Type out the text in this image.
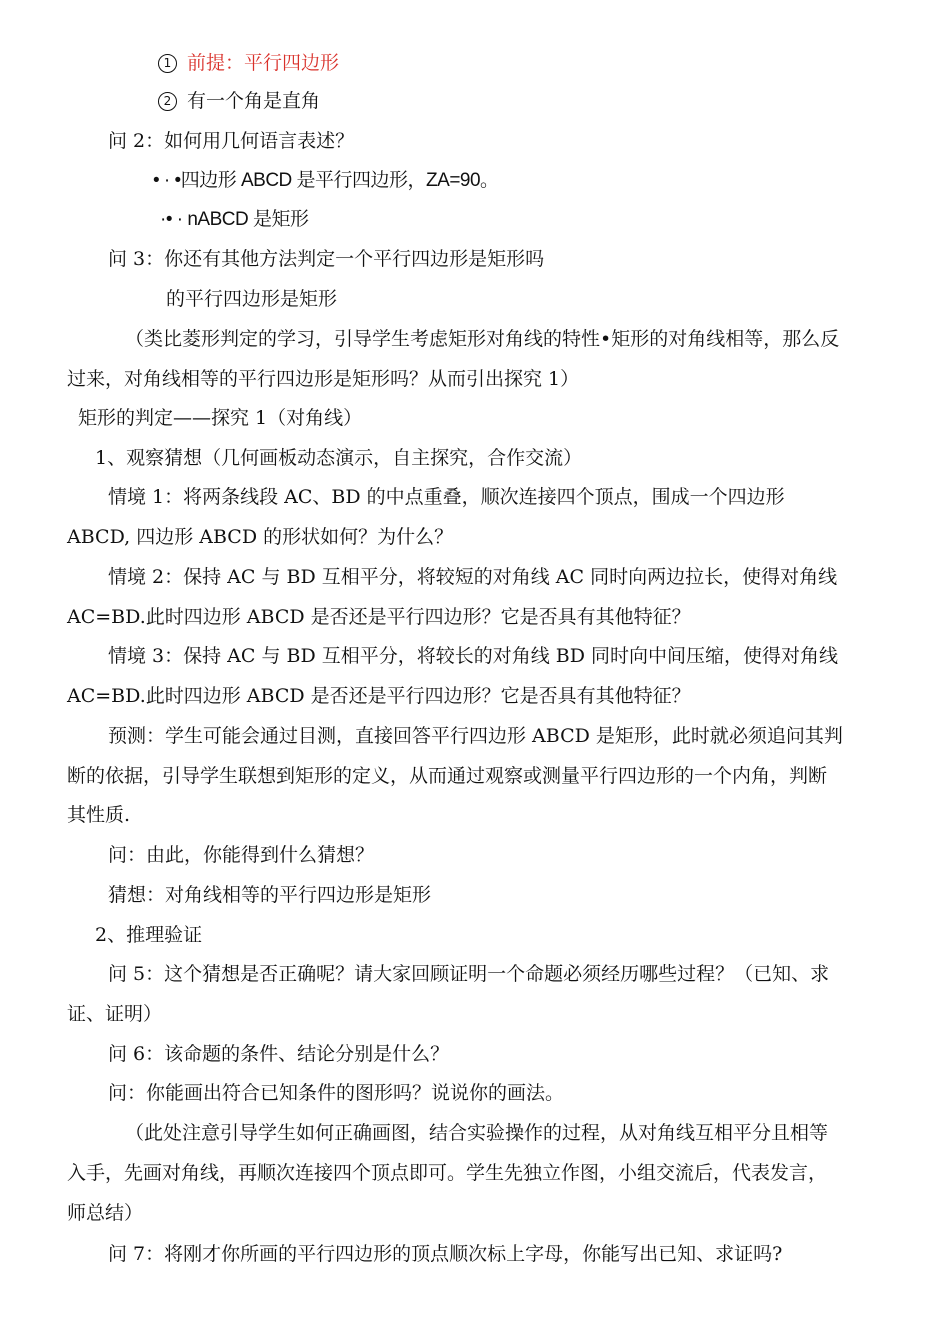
1 前提：平行四边形
2 有一个角是直角
问 2：如何用几何语言表述？
• · •四边形 ABCD 是平行四边形，ZA=90。
·• · nABCD 是矩形
问 3：你还有其他方法判定一个平行四边形是矩形吗
的平行四边形是矩形
（类比菱形判定的学习，引导学生考虑矩形对角线的特性•矩形的对角线相等，那么反
过来，对角线相等的平行四边形是矩形吗？从而引出探究 1）
矩形的判定——探究 1（对角线）
1、观察猜想（几何画板动态演示，自主探究，合作交流）
情境 1：将两条线段 AC、BD 的中点重叠，顺次连接四个顶点，围成一个四边形
ABCD, 四边形 ABCD 的形状如何？为什么？
情境 2：保持 AC 与 BD 互相平分，将较短的对角线 AC 同时向两边拉长，使得对角线
AC=BD.此时四边形 ABCD 是否还是平行四边形？它是否具有其他特征？
情境 3：保持 AC 与 BD 互相平分，将较长的对角线 BD 同时向中间压缩，使得对角线
AC=BD.此时四边形 ABCD 是否还是平行四边形？它是否具有其他特征？
预测：学生可能会通过目测，直接回答平行四边形 ABCD 是矩形，此时就必须追问其判
断的依据，引导学生联想到矩形的定义，从而通过观察或测量平行四边形的一个内角，判断
其性质.
问：由此，你能得到什么猜想？
猜想：对角线相等的平行四边形是矩形
2、推理验证
问 5：这个猜想是否正确呢？请大家回顾证明一个命题必须经历哪些过程？（已知、求
证、证明）
问 6：该命题的条件、结论分别是什么？
问：你能画出符合已知条件的图形吗？说说你的画法。
（此处注意引导学生如何正确画图，结合实验操作的过程，从对角线互相平分且相等
入手，先画对角线，再顺次连接四个顶点即可。学生先独立作图，小组交流后，代表发言，
师总结）
问 7：将刚才你所画的平行四边形的顶点顺次标上字母，你能写出已知、求证吗?
